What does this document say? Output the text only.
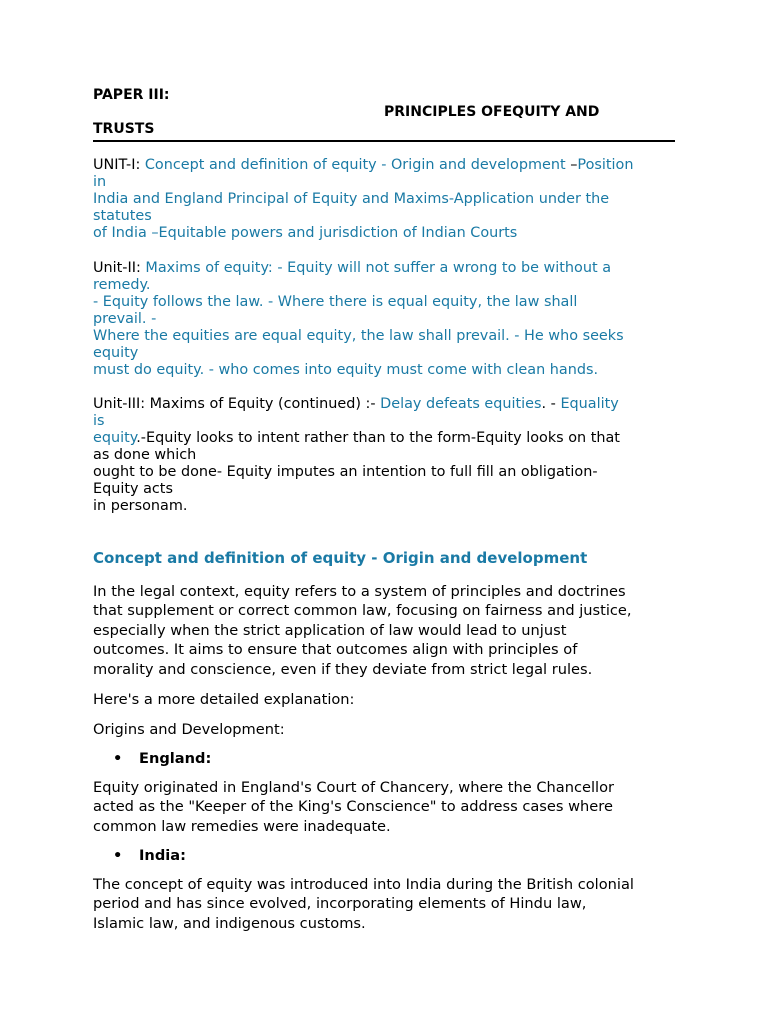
PAPER III:
PRINCIPLES OFEQUITY AND
TRUSTS
UNIT-I: Concept and definition of equity - Origin and development –Position
in
India and England Principal of Equity and Maxims-Application under the
statutes
of India –Equitable powers and jurisdiction of Indian Courts
Unit-II: Maxims of equity: - Equity will not suffer a wrong to be without a
remedy.
- Equity follows the law. - Where there is equal equity, the law shall
prevail. -
Where the equities are equal equity, the law shall prevail. - He who seeks
equity
must do equity. - who comes into equity must come with clean hands.
Unit-III: Maxims of Equity (continued) :- Delay defeats equities. - Equality
is
equity.-Equity looks to intent rather than to the form-Equity looks on that
as done which
ought to be done- Equity imputes an intention to full fill an obligation-
Equity acts
in personam.
Concept and definition of equity - Origin and development
In the legal context, equity refers to a system of principles and doctrines
that supplement or correct common law, focusing on fairness and justice,
especially when the strict application of law would lead to unjust
outcomes. It aims to ensure that outcomes align with principles of
morality and conscience, even if they deviate from strict legal rules.
Here's a more detailed explanation:
Origins and Development:
• England:
Equity originated in England's Court of Chancery, where the Chancellor
acted as the "Keeper of the King's Conscience" to address cases where
common law remedies were inadequate.
• India:
The concept of equity was introduced into India during the British colonial
period and has since evolved, incorporating elements of Hindu law,
Islamic law, and indigenous customs.
